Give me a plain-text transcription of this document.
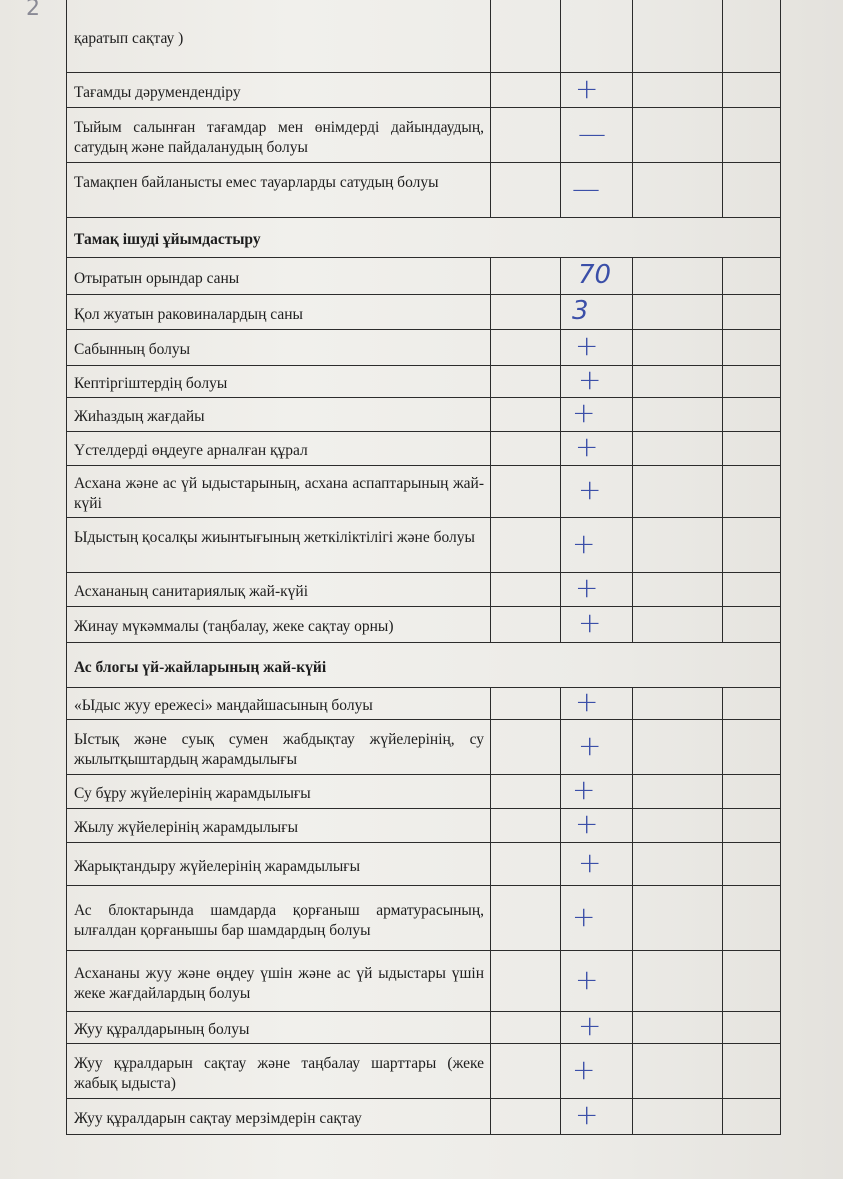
2
қаратып сақтау )
Тағамды дәрумендендіру	+
Тыйым салынған тағамдар мен өнімдерді дайындаудың, сатудың және пайдаланудың болуы	—
Тамақпен байланысты емес тауарларды сатудың болуы	—
Тамақ ішуді ұйымдастыру
Отыратын орындар саны	70
Қол жуатын раковиналардың саны	3
Сабынның болуы	+
Кептіргіштердің болуы	+
Жиһаздың жағдайы	+
Үстелдерді өңдеуге арналған құрал	+
Асхана және ас үй ыдыстарының, асхана аспаптарының жай-күйі	+
Ыдыстың қосалқы жиынтығының жеткіліктілігі және болуы	+
Асхананың санитариялық жай-күйі	+
Жинау мүкәммалы (таңбалау, жеке сақтау орны)	+
Ас блогы үй-жайларының жай-күйі
«Ыдыс жуу ережесі» маңдайшасының болуы	+
Ыстық және суық сумен жабдықтау жүйелерінің, су жылытқыштардың жарамдылығы	+
Су бұру жүйелерінің жарамдылығы	+
Жылу жүйелерінің жарамдылығы	+
Жарықтандыру жүйелерінің жарамдылығы	+
Ас блоктарында шамдарда қорғаныш арматурасының, ылғалдан қорғанышы бар шамдардың болуы	+
Асхананы жуу және өңдеу үшін және ас үй ыдыстары үшін жеке жағдайлардың болуы	+
Жуу құралдарының болуы	+
Жуу құралдарын сақтау және таңбалау шарттары (жеке жабық ыдыста)	+
Жуу құралдарын сақтау мерзімдерін сақтау	+
